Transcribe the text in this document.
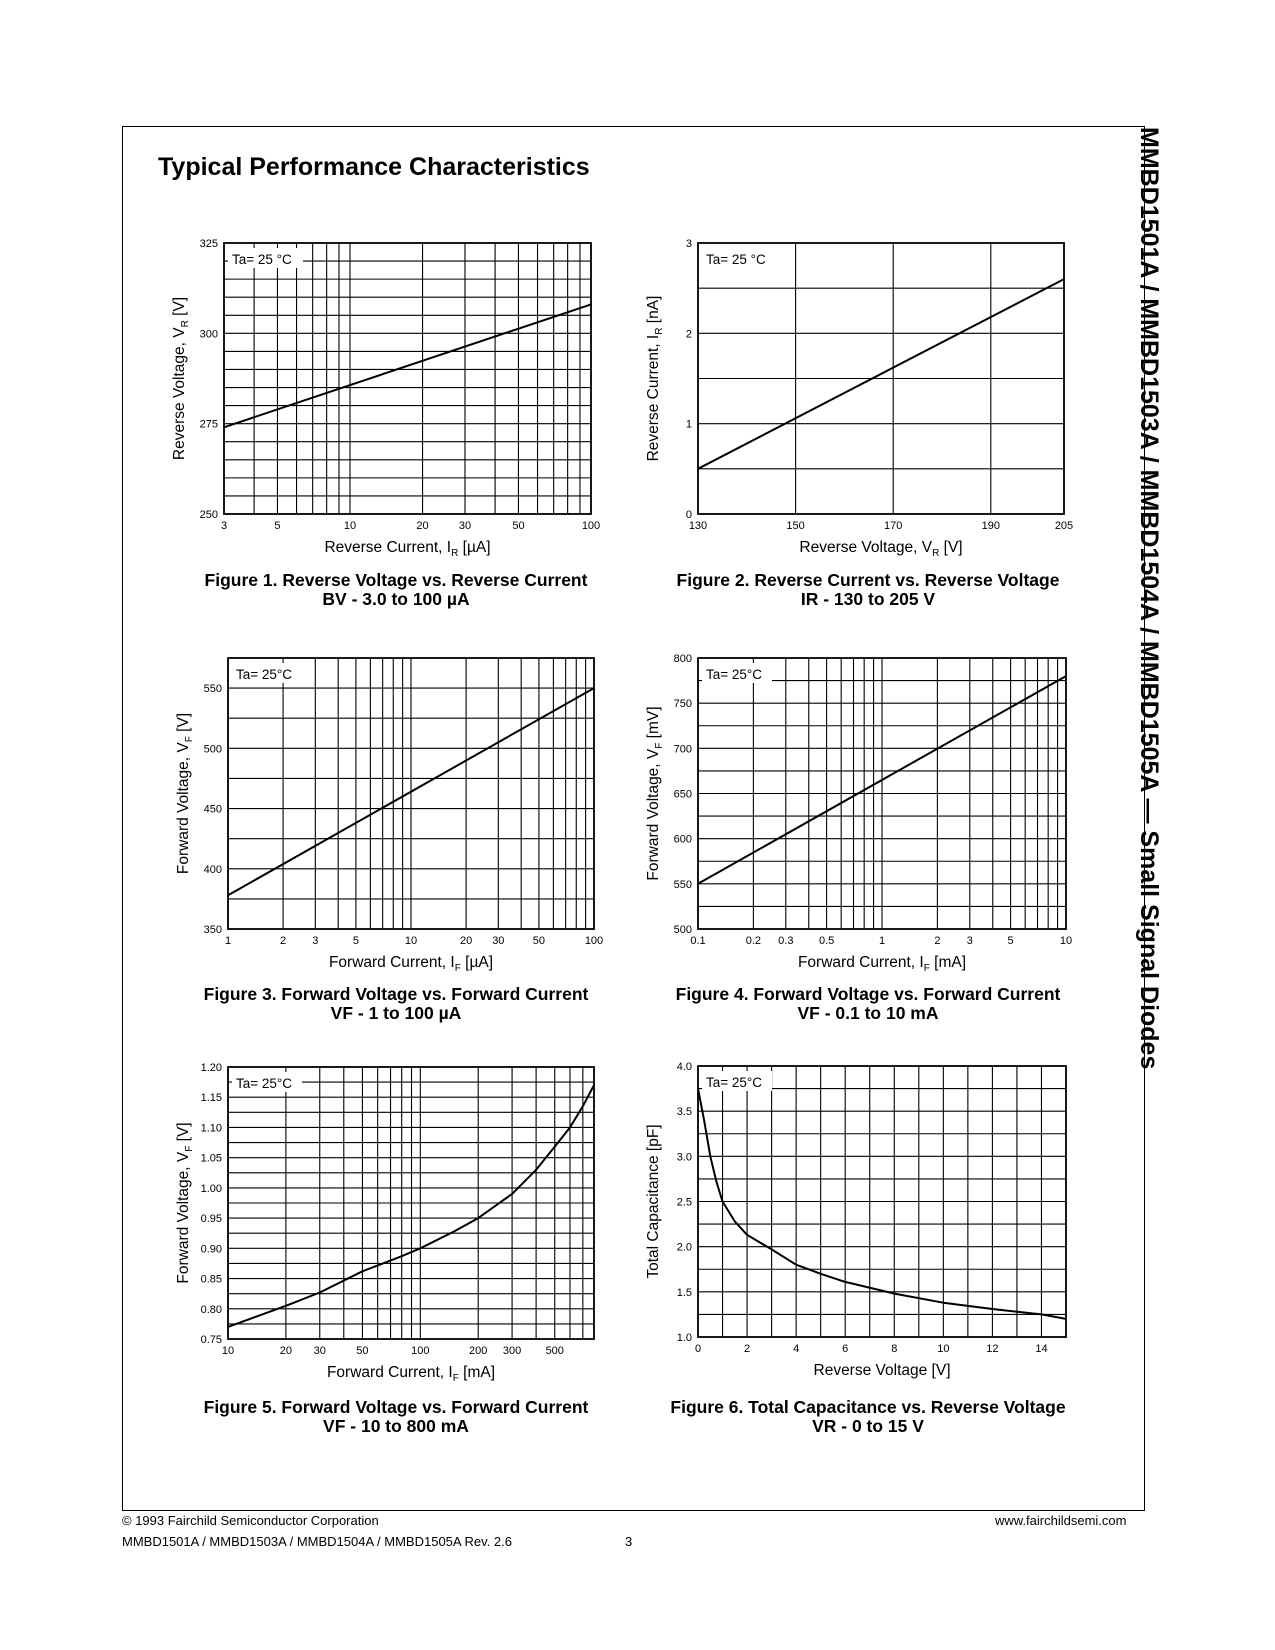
Typical Performance Characteristics	MMBD1501A / MMBD1503A / MMBD1504A / MMBD1505A — Small Signal Diodes
Ta= 25 °C
3	5	10	20	30	50	100
250
275
300
325
Reverse Current, $I_R$ [µA]
Reverse Voltage, $V_R$ [V]
Ta= 25 °C
130	150	170	190	205
0
1
2
3
Reverse Voltage, $V_R$ [V]
Reverse Current, $I_R$ [nA]
Ta= 25°C
1	2 3	5	10	20 30	50	100
350
400
450
500
550
Forward Current, $I_F$ [µA]
Forward Voltage, $V_F$ [V]
Ta= 25°C
0.1	0.2 0.3 0.5	1	2 3	5	10
500
550
600
650
700
750
800
Forward Current, $I_F$ [mA]
Forward Voltage, $V_F$ [mV]
Ta= 25°C
10	20 30	50	100	200 300 500
0.75
0.80
0.85
0.90
0.95
1.00
1.05
1.10
1.15
1.20
Forward Current, $I_F$ [mA]
Forward Voltage, $V_F$ [V]
Ta= 25°C
0	2	4	6	8	10	12	14
1.0
1.5
2.0
2.5
3.0
3.5
4.0
Reverse Voltage [V]
Total Capacitance [pF]
Figure 1. Reverse Voltage vs. Reverse Current
BV - 3.0 to 100 µA
Figure 2. Reverse Current vs. Reverse Voltage
IR - 130 to 205 V
Figure 3. Forward Voltage vs. Forward Current
VF - 1 to 100 µA
Figure 4. Forward Voltage vs. Forward Current
VF - 0.1 to 10 mA
Figure 5. Forward Voltage vs. Forward Current
VF - 10 to 800 mA
Figure 6. Total Capacitance vs. Reverse Voltage
VR - 0 to 15 V
© 1993 Fairchild Semiconductor Corporation
MMBD1501A / MMBD1503A / MMBD1504A / MMBD1505A Rev. 2.6	3
www.fairchildsemi.com
